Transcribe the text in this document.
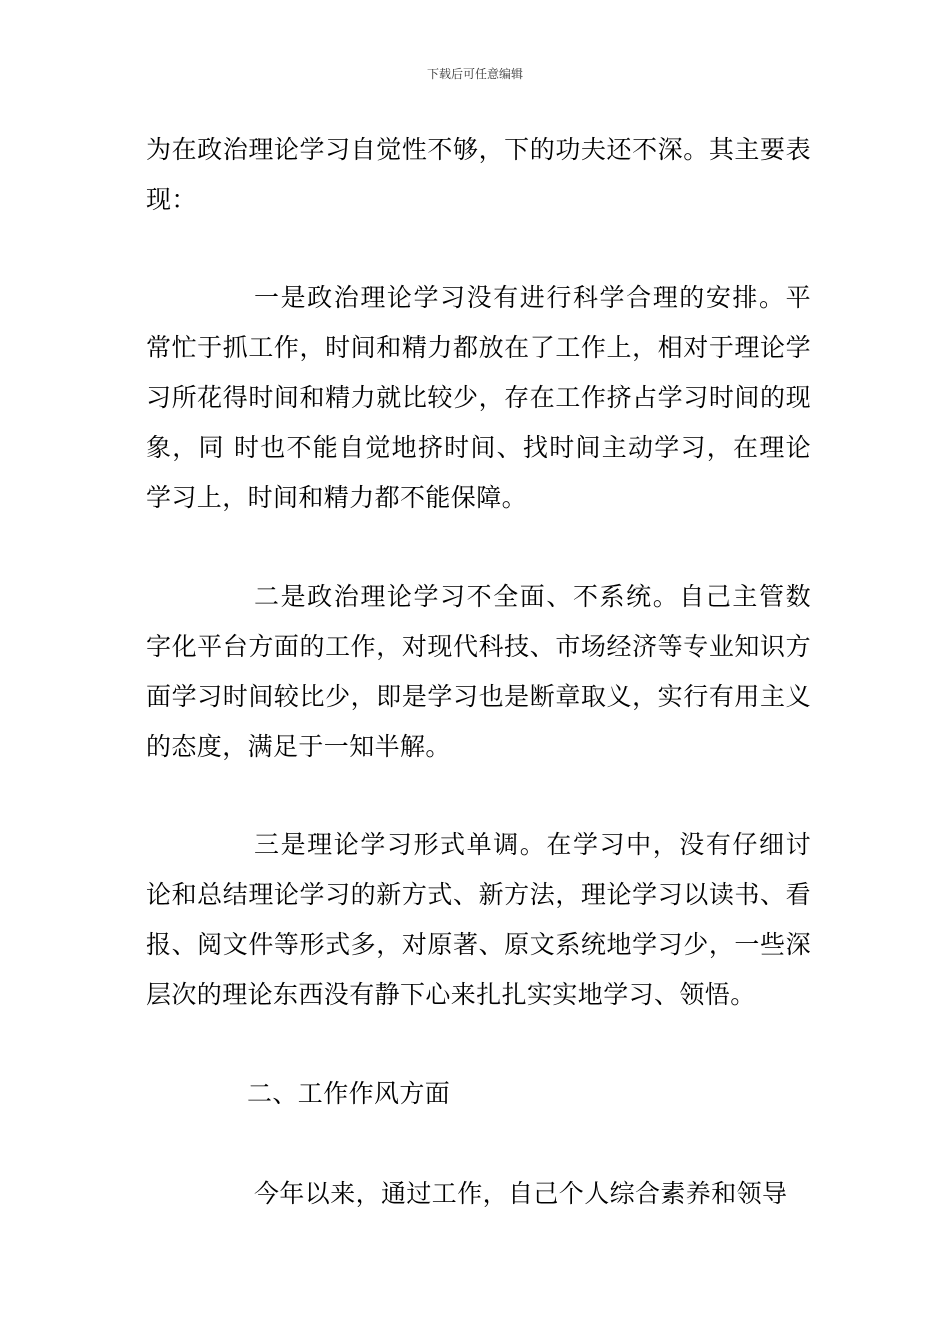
下载后可任意编辑

为在政治理论学习自觉性不够，下的功夫还不深。其主要表现：

一是政治理论学习没有进行科学合理的安排。平常忙于抓工作，时间和精力都放在了工作上，相对于理论学习所花得时间和精力就比较少，存在工作挤占学习时间的现象，同 时也不能自觉地挤时间、找时间主动学习，在理论学习上，时间和精力都不能保障。

二是政治理论学习不全面、不系统。自己主管数字化平台方面的工作，对现代科技、市场经济等专业知识方面学习时间较比少，即是学习也是断章取义，实行有用主义的态度，满足于一知半解。

三是理论学习形式单调。在学习中，没有仔细讨论和总结理论学习的新方式、新方法，理论学习以读书、看报、阅文件等形式多，对原著、原文系统地学习少，一些深层次的理论东西没有静下心来扎扎实实地学习、领悟。

二、工作作风方面

今年以来，通过工作，自己个人综合素养和领导
